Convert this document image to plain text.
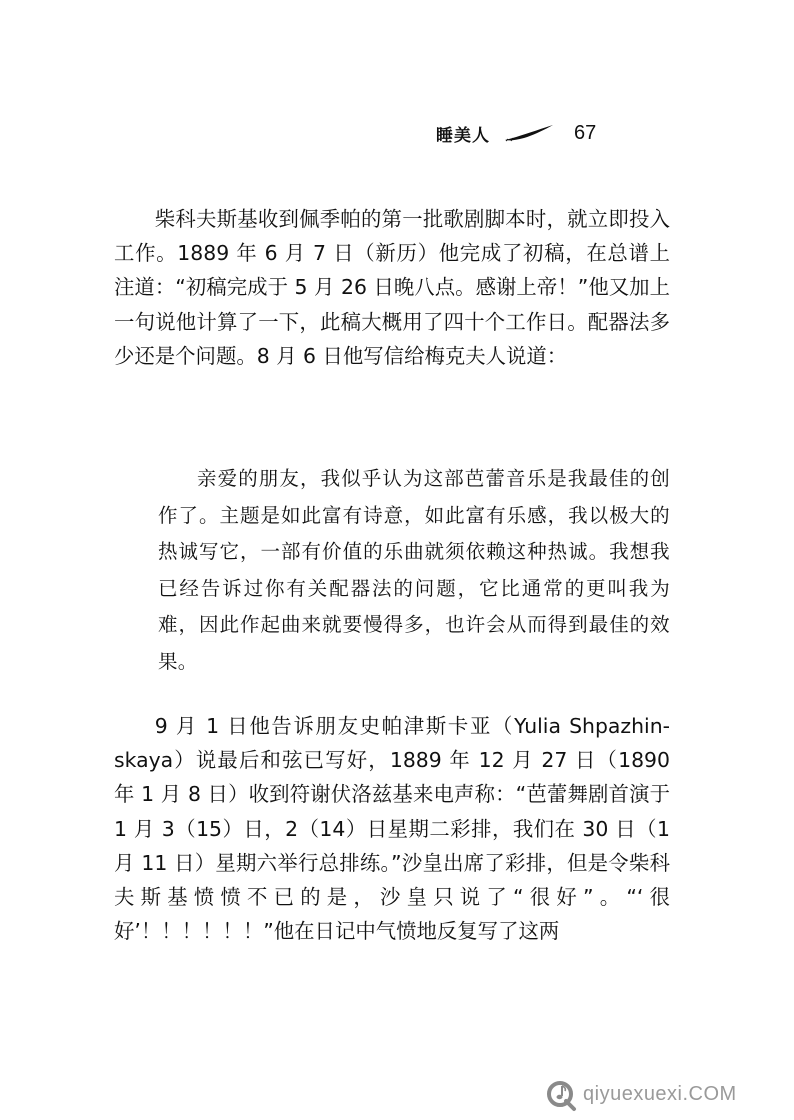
睡美人	67

柴科夫斯基收到佩季帕的第一批歌剧脚本时，就立即投入工作。1889 年 6 月 7 日（新历）他完成了初稿，在总谱上注道：“初稿完成于 5 月 26 日晚八点。感谢上帝！”他又加上一句说他计算了一下，此稿大概用了四十个工作日。配器法多少还是个问题。8 月 6 日他写信给梅克夫人说道：

亲爱的朋友，我似乎认为这部芭蕾音乐是我最佳的创作了。主题是如此富有诗意，如此富有乐感，我以极大的热诚写它，一部有价值的乐曲就须依赖这种热诚。我想我已经告诉过你有关配器法的问题，它比通常的更叫我为难，因此作起曲来就要慢得多，也许会从而得到最佳的效果。

9 月 1 日他告诉朋友史帕津斯卡亚（Yulia Shpazhinskaya）说最后和弦已写好，1889 年 12 月 27 日（1890 年 1 月 8 日）收到符谢伏洛兹基来电声称：“芭蕾舞剧首演于 1 月 3（15）日，2（14）日星期二彩排，我们在 30 日（1 月 11 日）星期六举行总排练。”沙皇出席了彩排，但是令柴科夫斯基愤愤不已的是，沙皇只说了“很好”。“‘很好’！！！！！！”他在日记中气愤地反复写了这两

qiyuexuexi.COM
